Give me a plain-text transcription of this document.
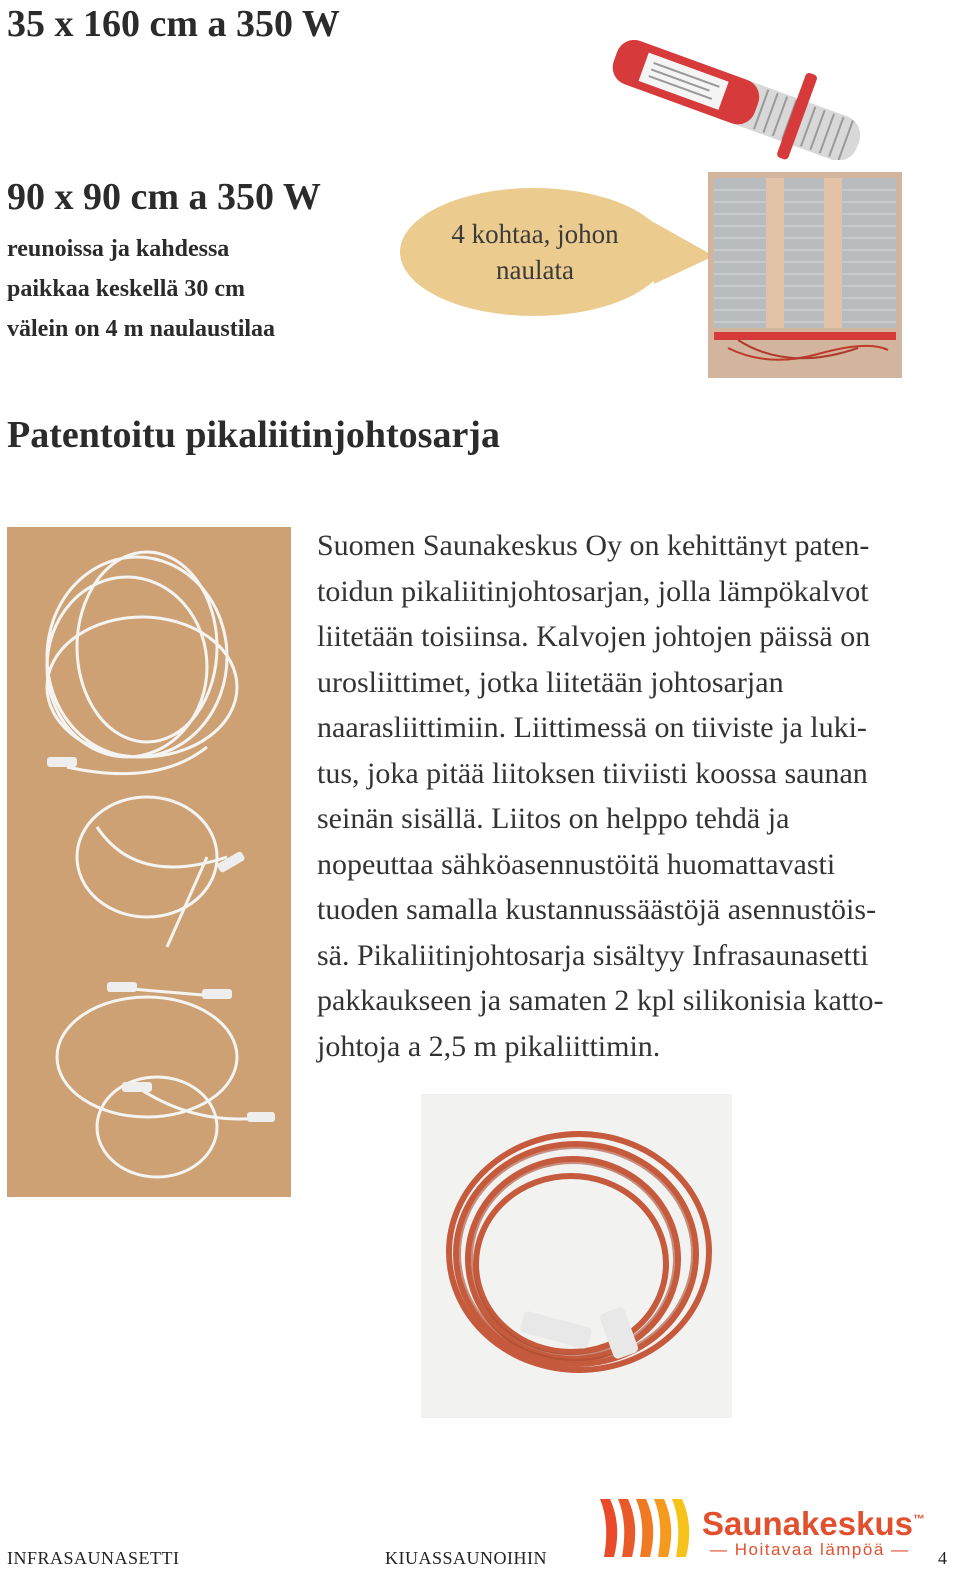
35 x 160 cm a 350 W
90 x 90 cm a 350 W

reunoissa ja kahdessa

paikkaa keskellä 30 cm

välein on 4 m naulaustilaa

4 kohtaa, johon
naulata
Patentoitu pikaliitinjohtosarja

Suomen Saunakeskus Oy on kehittänyt paten-

toidun pikaliitinjohtosarjan, jolla lämpökalvot

liitetään toisiinsa. Kalvojen johtojen päissä on

urosliittimet, jotka liitetään johtosarjan

naarasliittimiin. Liittimessä on tiiviste ja luki-

tus, joka pitää liitoksen tiiviisti koossa saunan

seinän sisällä. Liitos on helppo tehdä ja

nopeuttaa sähköasennustöitä huomattavasti

tuoden samalla kustannussäästöjä asennustöis-

sä. Pikaliitinjohtosarja sisältyy Infrasaunasetti

pakkaukseen ja samaten 2 kpl silikonisia katto-

johtoja a 2,5 m pikaliittimin.

INFRASAUNASETTI	KIUASSAUNOIHIN	4
Saunakeskus™
— Hoitavaa lämpöä —
